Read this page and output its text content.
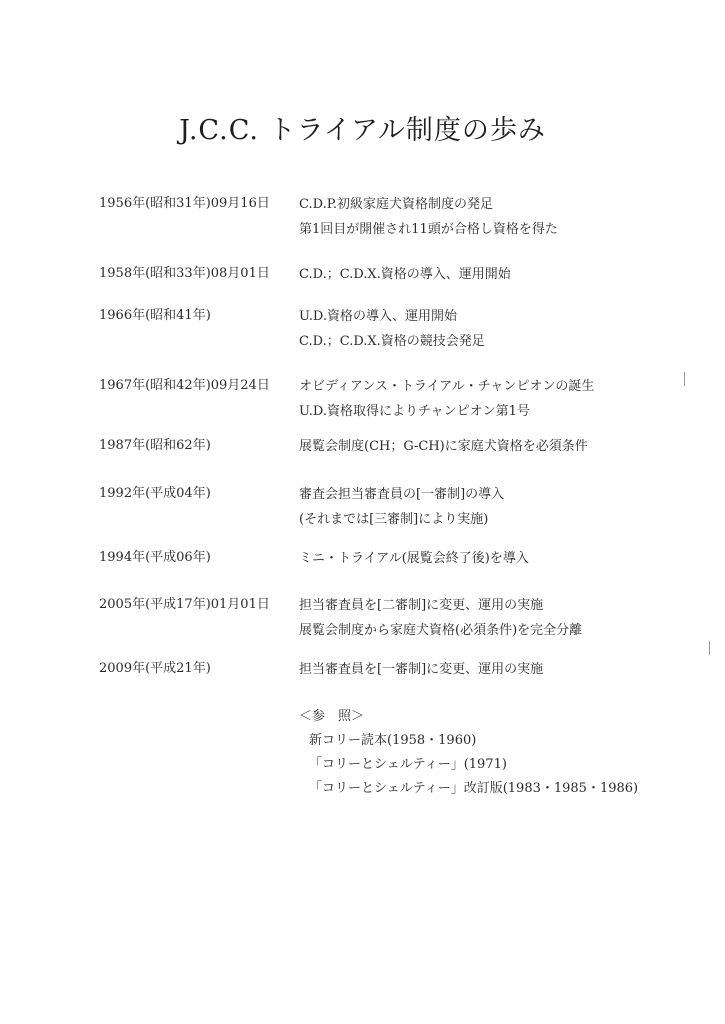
J.C.C. トライアル制度の歩み
1956年(昭和31年)09月16日 C.D.P.初級家庭犬資格制度の発足
第1回目が開催され11頭が合格し資格を得た
1958年(昭和33年)08月01日 C.D.；C.D.X.資格の導入、運用開始
1966年(昭和41年)	U.D.資格の導入、運用開始
C.D.；C.D.X.資格の競技会発足
1967年(昭和42年)09月24日 オビディアンス・トライアル・チャンピオンの誕生
U.D.資格取得によりチャンピオン第1号
1987年(昭和62年)	展覧会制度(CH；G-CH)に家庭犬資格を必須条件
1992年(平成04年)	審査会担当審査員の[一審制]の導入
(それまでは[三審制]により実施)
1994年(平成06年)	ミニ・トライアル(展覧会終了後)を導入
2005年(平成17年)01月01日 担当審査員を[二審制]に変更、運用の実施
展覧会制度から家庭犬資格(必須条件)を完全分離
2009年(平成21年)	担当審査員を[一審制]に変更、運用の実施
＜参　照＞
新コリー読本(1958・1960)
「コリーとシェルティー」(1971)
「コリーとシェルティー」改訂版(1983・1985・1986)
